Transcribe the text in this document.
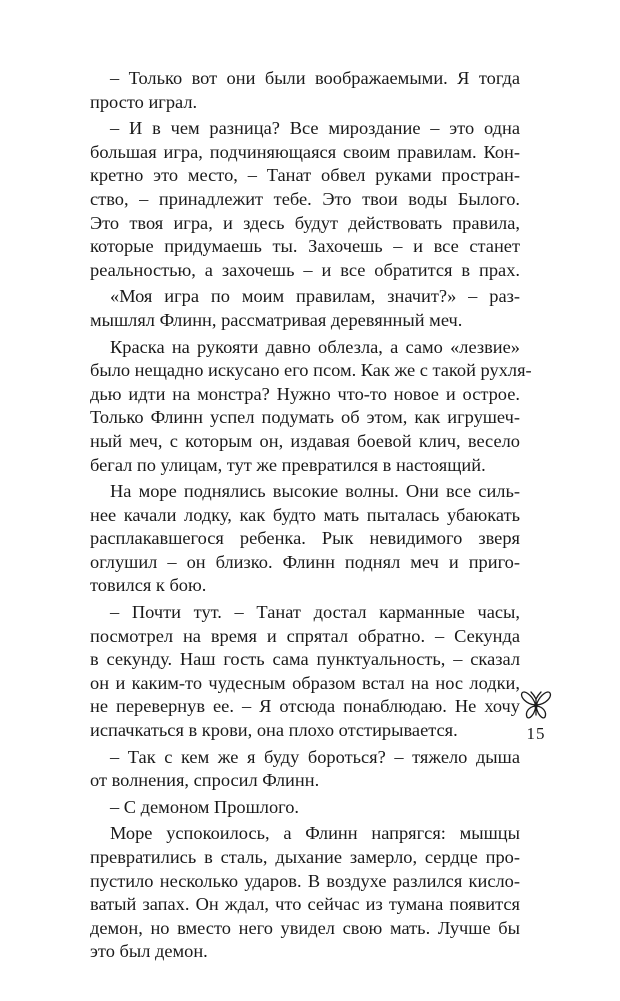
– Только вот они были воображаемыми. Я тогда
просто играл.
– И в чем разница? Все мироздание – это одна
большая игра, подчиняющаяся своим правилам. Кон-
кретно это место, – Танат обвел руками простран-
ство, – принадлежит тебе. Это твои воды Былого.
Это твоя игра, и здесь будут действовать правила,
которые придумаешь ты. Захочешь – и все станет
реальностью, а захочешь – и все обратится в прах.
«Моя игра по моим правилам, значит?» – раз-
мышлял Флинн, рассматривая деревянный меч.
Краска на рукояти давно облезла, а само «лезвие»
было нещадно искусано его псом. Как же с такой рухля-
дью идти на монстра? Нужно что-то новое и острое.
Только Флинн успел подумать об этом, как игрушеч-
ный меч, с которым он, издавая боевой клич, весело
бегал по улицам, тут же превратился в настоящий.
На море поднялись высокие волны. Они все силь-
нее качали лодку, как будто мать пыталась убаюкать
расплакавшегося ребенка. Рык невидимого зверя
оглушил – он близко. Флинн поднял меч и приго-
товился к бою.
– Почти тут. – Танат достал карманные часы,
посмотрел на время и спрятал обратно. – Секунда
в секунду. Наш гость сама пунктуальность, – сказал
он и каким-то чудесным образом встал на нос лодки,
не перевернув ее. – Я отсюда понаблюдаю. Не хочу
испачкаться в крови, она плохо отстирывается.
– Так с кем же я буду бороться? – тяжело дыша
от волнения, спросил Флинн.
– С демоном Прошлого.
Море успокоилось, а Флинн напрягся: мышцы
превратились в сталь, дыхание замерло, сердце про-
пустило несколько ударов. В воздухе разлился кисло-
ватый запах. Он ждал, что сейчас из тумана появится
демон, но вместо него увидел свою мать. Лучше бы
это был демон.
15
